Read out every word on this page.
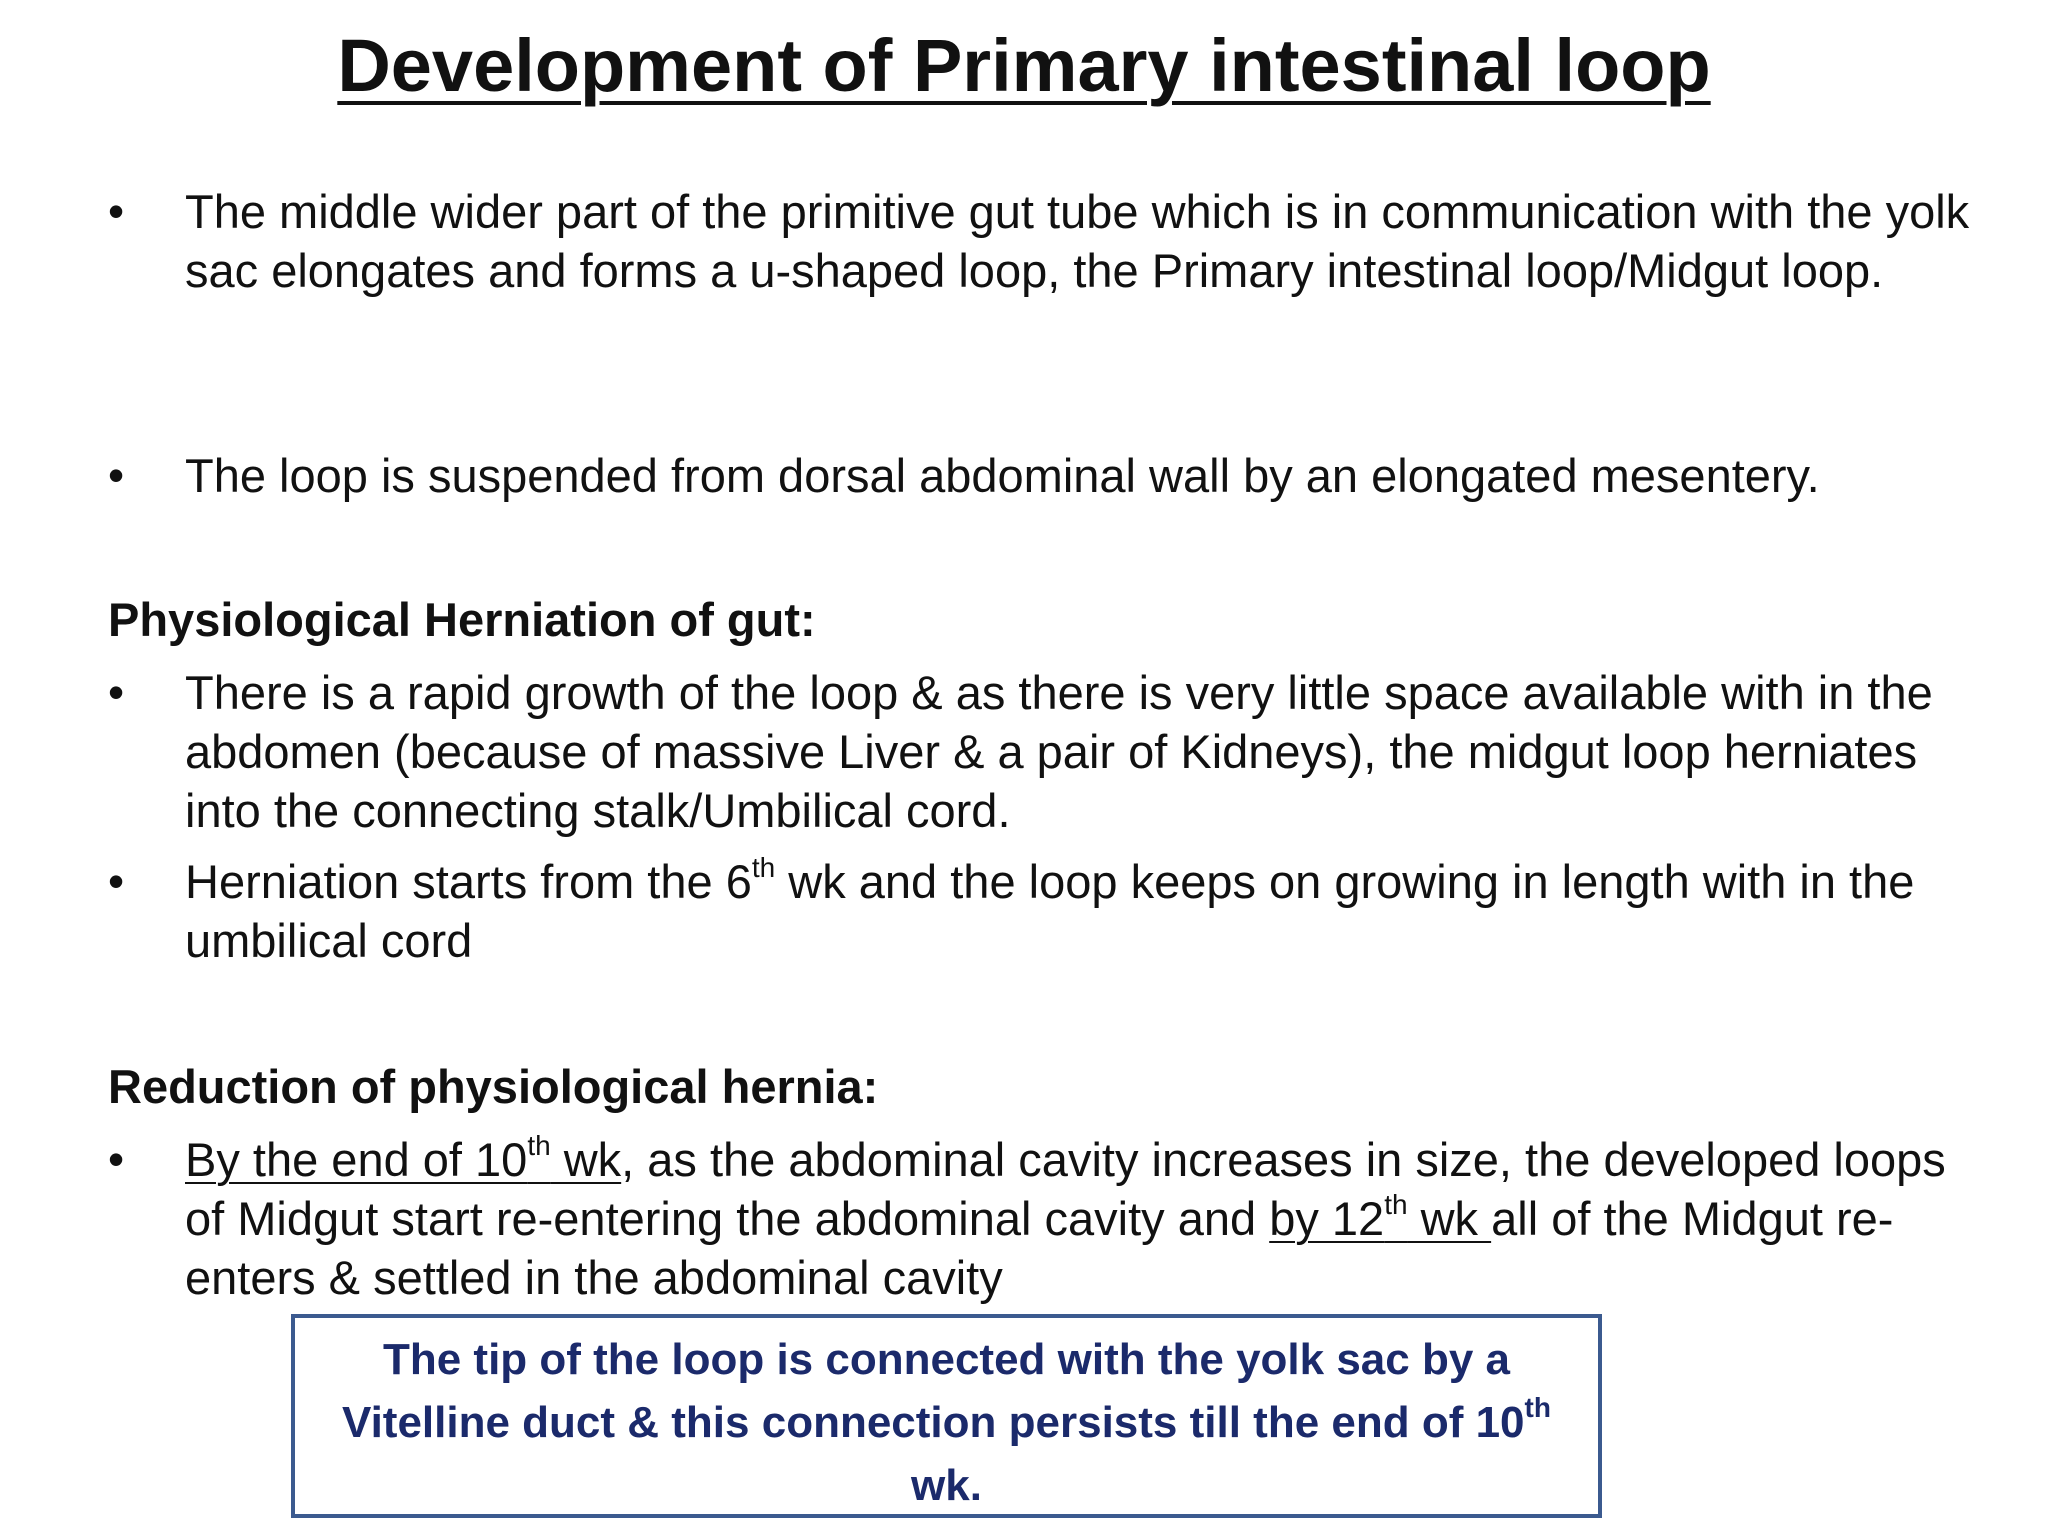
Development of Primary intestinal loop
• The middle wider part of the primitive gut tube which is in communication with the yolk sac elongates and forms a u-shaped loop, the Primary intestinal loop/Midgut loop.
• The loop is suspended from dorsal abdominal wall by an elongated mesentery.
Physiological Herniation of gut:
• There is a rapid growth of the loop & as there is very little space available with in the abdomen (because of massive Liver & a pair of Kidneys), the midgut loop herniates into the connecting stalk/Umbilical cord.
• Herniation starts from the 6th wk and the loop keeps on growing in length with in the umbilical cord
Reduction of physiological hernia:
• By the end of 10th wk, as the abdominal cavity increases in size, the developed loops of Midgut start re-entering the abdominal cavity and by 12th wk all of the Midgut re-enters & settled in the abdominal cavity
The tip of the loop is connected with the yolk sac by a
Vitelline duct & this connection persists till the end of 10th
wk.
